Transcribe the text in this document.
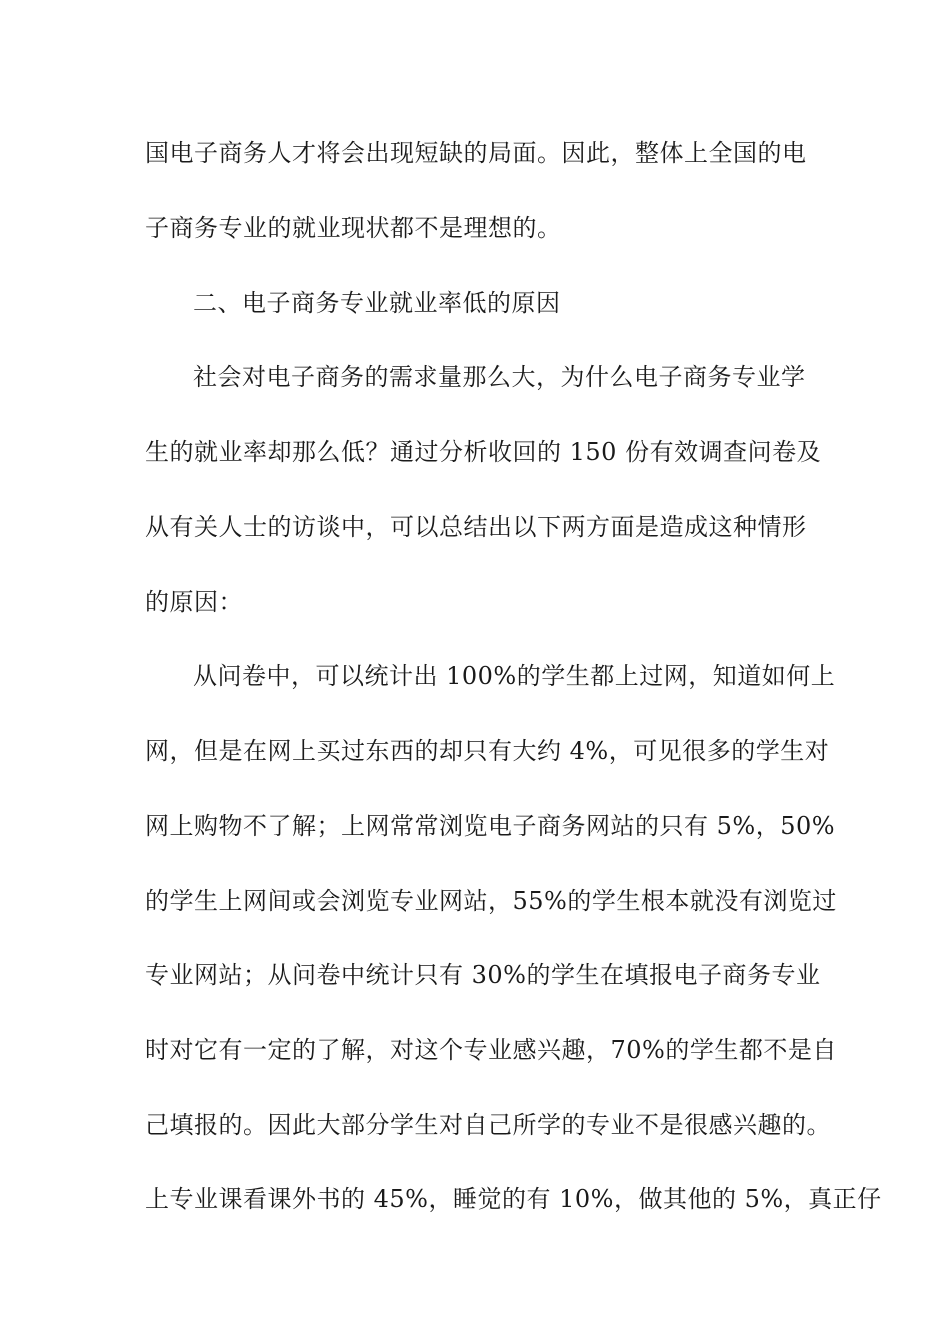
国电子商务人才将会出现短缺的局面。因此，整体上全国的电
子商务专业的就业现状都不是理想的。
二、电子商务专业就业率低的原因
社会对电子商务的需求量那么大，为什么电子商务专业学
生的就业率却那么低？通过分析收回的 150 份有效调查问卷及
从有关人士的访谈中，可以总结出以下两方面是造成这种情形
的原因：
从问卷中，可以统计出 100%的学生都上过网，知道如何上
网，但是在网上买过东西的却只有大约 4%，可见很多的学生对
网上购物不了解；上网常常浏览电子商务网站的只有 5%，50%
的学生上网间或会浏览专业网站，55%的学生根本就没有浏览过
专业网站；从问卷中统计只有 30%的学生在填报电子商务专业
时对它有一定的了解，对这个专业感兴趣，70%的学生都不是自
己填报的。因此大部分学生对自己所学的专业不是很感兴趣的。
上专业课看课外书的 45%，睡觉的有 10%，做其他的 5%，真正仔
